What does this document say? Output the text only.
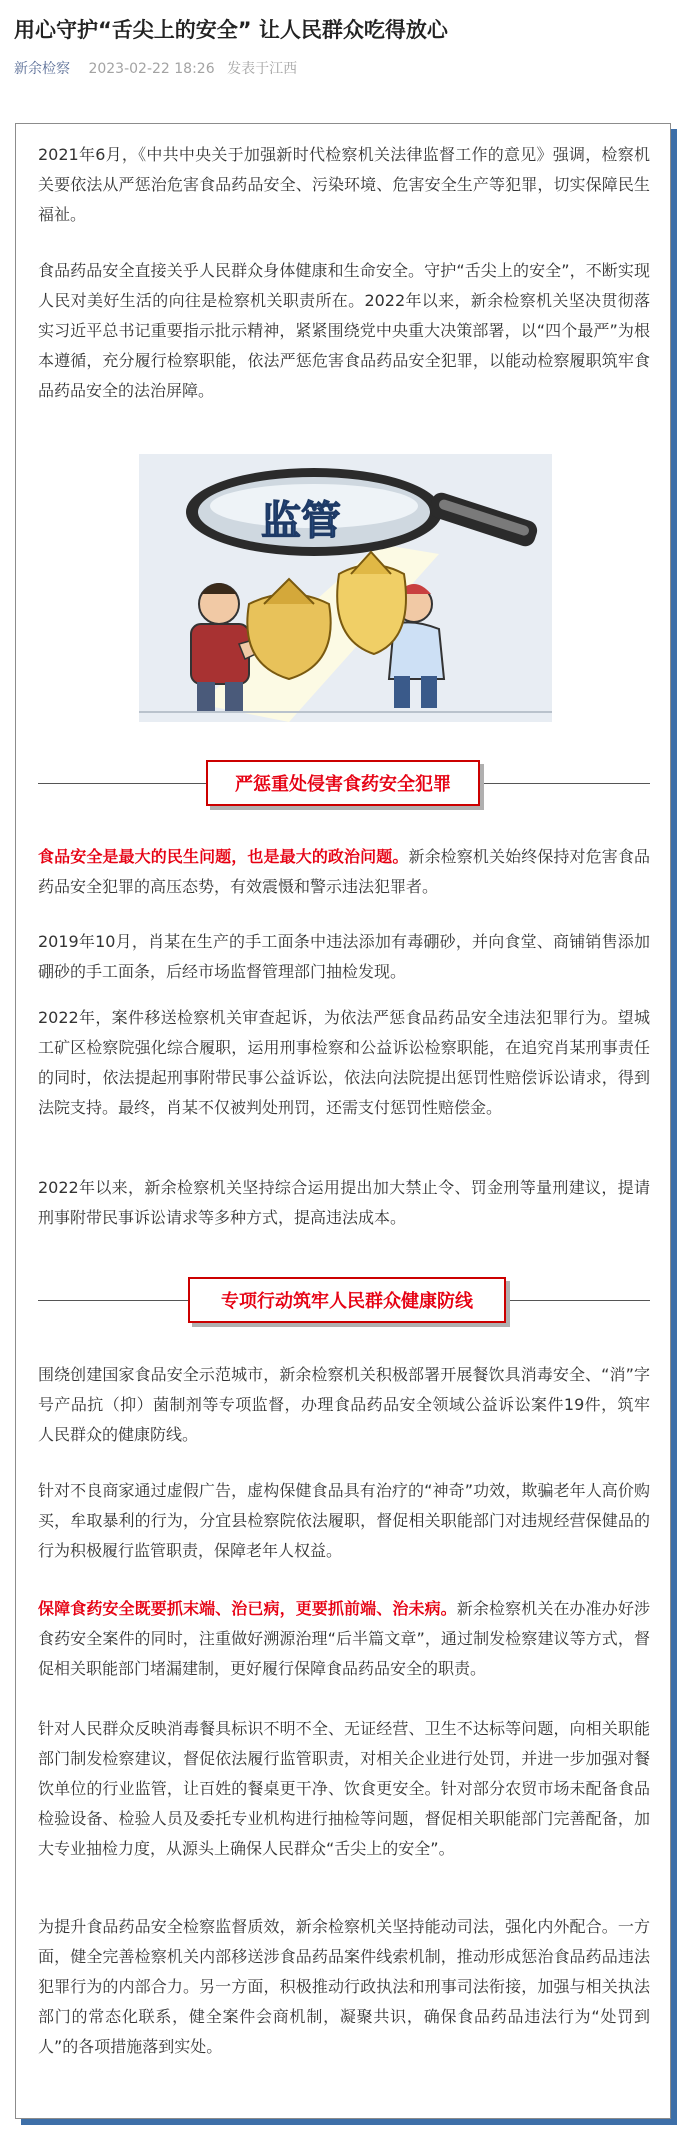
用心守护“舌尖上的安全” 让人民群众吃得放心
新余检察 2023-02-22 18:26 发表于江西
2021年6月，《中共中央关于加强新时代检察机关法律监督工作的意见》强调，检察机关要依法从严惩治危害食品药品安全、污染环境、危害安全生产等犯罪，切实保障民生福祉。
食品药品安全直接关乎人民群众身体健康和生命安全。守护“舌尖上的安全”，不断实现人民对美好生活的向往是检察机关职责所在。2022年以来，新余检察机关坚决贯彻落实习近平总书记重要指示批示精神，紧紧围绕党中央重大决策部署，以“四个最严”为根本遵循，充分履行检察职能，依法严惩危害食品药品安全犯罪，以能动检察履职筑牢食品药品安全的法治屏障。
监管
严惩重处侵害食药安全犯罪
食品安全是最大的民生问题，也是最大的政治问题。新余检察机关始终保持对危害食品药品安全犯罪的高压态势，有效震慑和警示违法犯罪者。
2019年10月，肖某在生产的手工面条中违法添加有毒硼砂，并向食堂、商铺销售添加硼砂的手工面条，后经市场监督管理部门抽检发现。
2022年，案件移送检察机关审查起诉，为依法严惩食品药品安全违法犯罪行为。望城工矿区检察院强化综合履职，运用刑事检察和公益诉讼检察职能，在追究肖某刑事责任的同时，依法提起刑事附带民事公益诉讼，依法向法院提出惩罚性赔偿诉讼请求，得到法院支持。最终，肖某不仅被判处刑罚，还需支付惩罚性赔偿金。
2022年以来，新余检察机关坚持综合运用提出加大禁止令、罚金刑等量刑建议，提请刑事附带民事诉讼请求等多种方式，提高违法成本。
专项行动筑牢人民群众健康防线
围绕创建国家食品安全示范城市，新余检察机关积极部署开展餐饮具消毒安全、“消”字号产品抗（抑）菌制剂等专项监督，办理食品药品安全领域公益诉讼案件19件，筑牢人民群众的健康防线。
针对不良商家通过虚假广告，虚构保健食品具有治疗的“神奇”功效，欺骗老年人高价购买，牟取暴利的行为，分宜县检察院依法履职，督促相关职能部门对违规经营保健品的行为积极履行监管职责，保障老年人权益。
保障食药安全既要抓末端、治已病，更要抓前端、治未病。新余检察机关在办准办好涉食药安全案件的同时，注重做好溯源治理“后半篇文章”，通过制发检察建议等方式，督促相关职能部门堵漏建制，更好履行保障食品药品安全的职责。
针对人民群众反映消毒餐具标识不明不全、无证经营、卫生不达标等问题，向相关职能部门制发检察建议，督促依法履行监管职责，对相关企业进行处罚，并进一步加强对餐饮单位的行业监管，让百姓的餐桌更干净、饮食更安全。针对部分农贸市场未配备食品检验设备、检验人员及委托专业机构进行抽检等问题，督促相关职能部门完善配备，加大专业抽检力度，从源头上确保人民群众“舌尖上的安全”。
为提升食品药品安全检察监督质效，新余检察机关坚持能动司法，强化内外配合。一方面，健全完善检察机关内部移送涉食品药品案件线索机制，推动形成惩治食品药品违法犯罪行为的内部合力。另一方面，积极推动行政执法和刑事司法衔接，加强与相关执法部门的常态化联系，健全案件会商机制，凝聚共识，确保食品药品违法行为“处罚到人”的各项措施落到实处。
